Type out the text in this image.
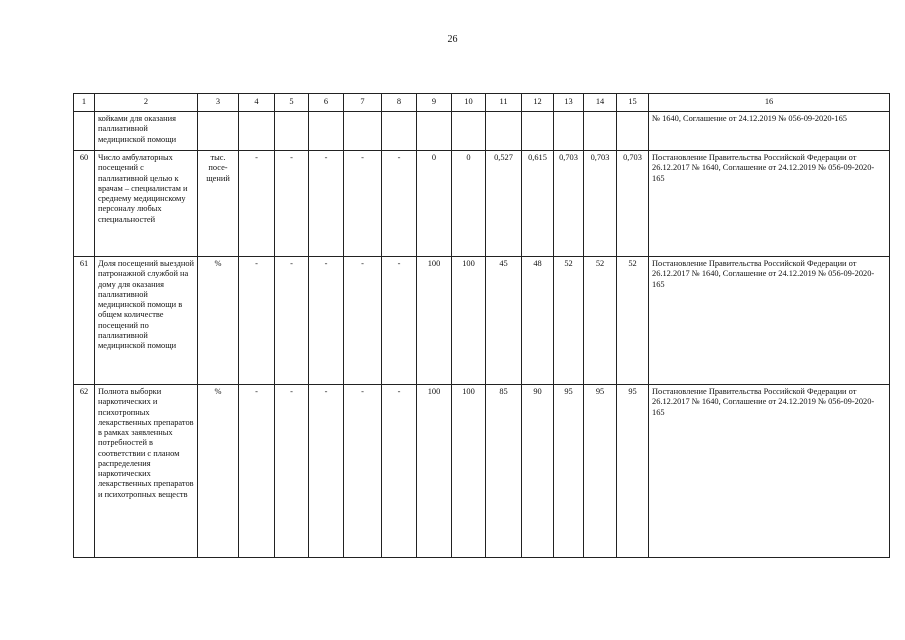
26
1	2	3	4	5	6	7	8	9	10	11	12	13	14	15	16
	койками для оказания паллиативной медицинской помощи														№ 1640, Соглашение от 24.12.2019 № 056-09-2020-165
60	Число амбулаторных посещений с паллиативной целью к врачам – специалистам и среднему медицинскому персоналу любых специальностей	тыс. посе-щений	-	-	-	-	-	0	0	0,527	0,615	0,703	0,703	0,703	Постановление Правительства Российской Федерации от 26.12.2017 № 1640, Соглашение от 24.12.2019 № 056-09-2020-165
61	Доля посещений выездной патронажной службой на дому для оказания паллиативной медицинской помощи в общем количестве посещений по паллиативной медицинской помощи	%	-	-	-	-	-	100	100	45	48	52	52	52	Постановление Правительства Российской Федерации от 26.12.2017 № 1640, Соглашение от 24.12.2019 № 056-09-2020-165
62	Полнота выборки наркотических и психотропных лекарственных препаратов в рамках заявленных потребностей в соответствии с планом распределения наркотических лекарственных препаратов и психотропных веществ	%	-	-	-	-	-	100	100	85	90	95	95	95	Постановление Правительства Российской Федерации от 26.12.2017 № 1640, Соглашение от 24.12.2019 № 056-09-2020-165
